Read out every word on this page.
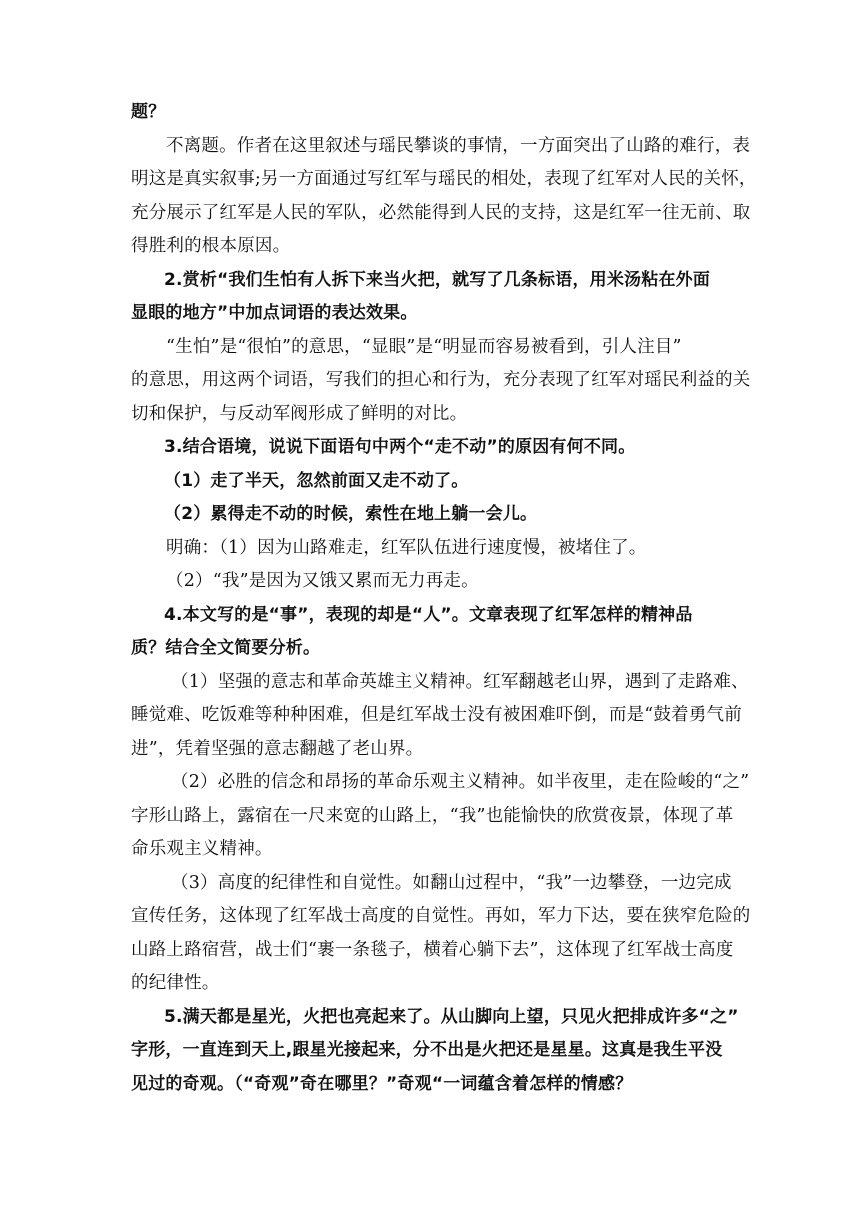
题？

不离题。作者在这里叙述与瑶民攀谈的事情，一方面突出了山路的难行，表

明这是真实叙事;另一方面通过写红军与瑶民的相处，表现了红军对人民的关怀，

充分展示了红军是人民的军队，必然能得到人民的支持，这是红军一往无前、取

得胜利的根本原因。

2.赏析“我们生怕有人拆下来当火把，就写了几条标语，用米汤粘在外面

显眼的地方”中加点词语的表达效果。

“生怕”是“很怕”的意思，“显眼”是“明显而容易被看到，引人注目”

的意思，用这两个词语，写我们的担心和行为，充分表现了红军对瑶民利益的关

切和保护，与反动军阀形成了鲜明的对比。

3.结合语境，说说下面语句中两个“走不动”的原因有何不同。

（1）走了半天，忽然前面又走不动了。

（2）累得走不动的时候，索性在地上躺一会儿。

明确：（1）因为山路难走，红军队伍进行速度慢，被堵住了。

（2）“我”是因为又饿又累而无力再走。

4.本文写的是“事”，表现的却是“人”。文章表现了红军怎样的精神品

质？结合全文简要分析。

（1）坚强的意志和革命英雄主义精神。红军翻越老山界，遇到了走路难、

睡觉难、吃饭难等种种困难，但是红军战士没有被困难吓倒，而是“鼓着勇气前

进”，凭着坚强的意志翻越了老山界。

（2）必胜的信念和昂扬的革命乐观主义精神。如半夜里，走在险峻的“之”

字形山路上，露宿在一尺来宽的山路上，“我”也能愉快的欣赏夜景，体现了革

命乐观主义精神。

（3）高度的纪律性和自觉性。如翻山过程中，“我”一边攀登，一边完成

宣传任务，这体现了红军战士高度的自觉性。再如，军力下达，要在狭窄危险的

山路上路宿营，战士们“裹一条毯子，横着心躺下去”，这体现了红军战士高度

的纪律性。

5.满天都是星光，火把也亮起来了。从山脚向上望，只见火把排成许多“之”

字形，一直连到天上,跟星光接起来，分不出是火把还是星星。这真是我生平没

见过的奇观。（“奇观”奇在哪里？”奇观“一词蕴含着怎样的情感？
